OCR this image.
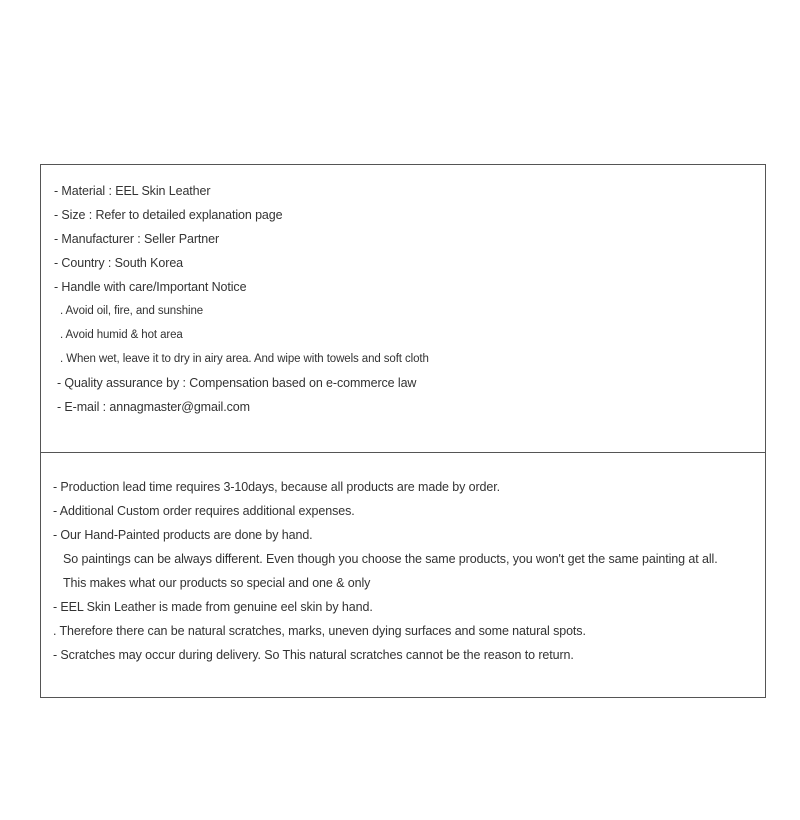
- Material : EEL Skin Leather
- Size : Refer to detailed explanation page
- Manufacturer : Seller Partner
- Country : South Korea
- Handle with care/Important Notice
. Avoid oil, fire, and sunshine
. Avoid humid & hot area
. When wet, leave it to dry in airy area. And wipe with towels and soft cloth
- Quality assurance by : Compensation based on e-commerce law
- E-mail : annagmaster@gmail.com
- Production lead time requires 3-10days, because all products are made by order.
- Additional Custom order requires additional expenses.
- Our Hand-Painted products are done by hand.
So paintings can be always different. Even though you choose the same products, you won't get the same painting at all.
This makes what our products so special and one & only
- EEL Skin Leather is made from genuine eel skin by hand.
. Therefore there can be natural scratches, marks, uneven dying surfaces and some natural spots.
- Scratches may occur during delivery. So This natural scratches cannot be the reason to return.
